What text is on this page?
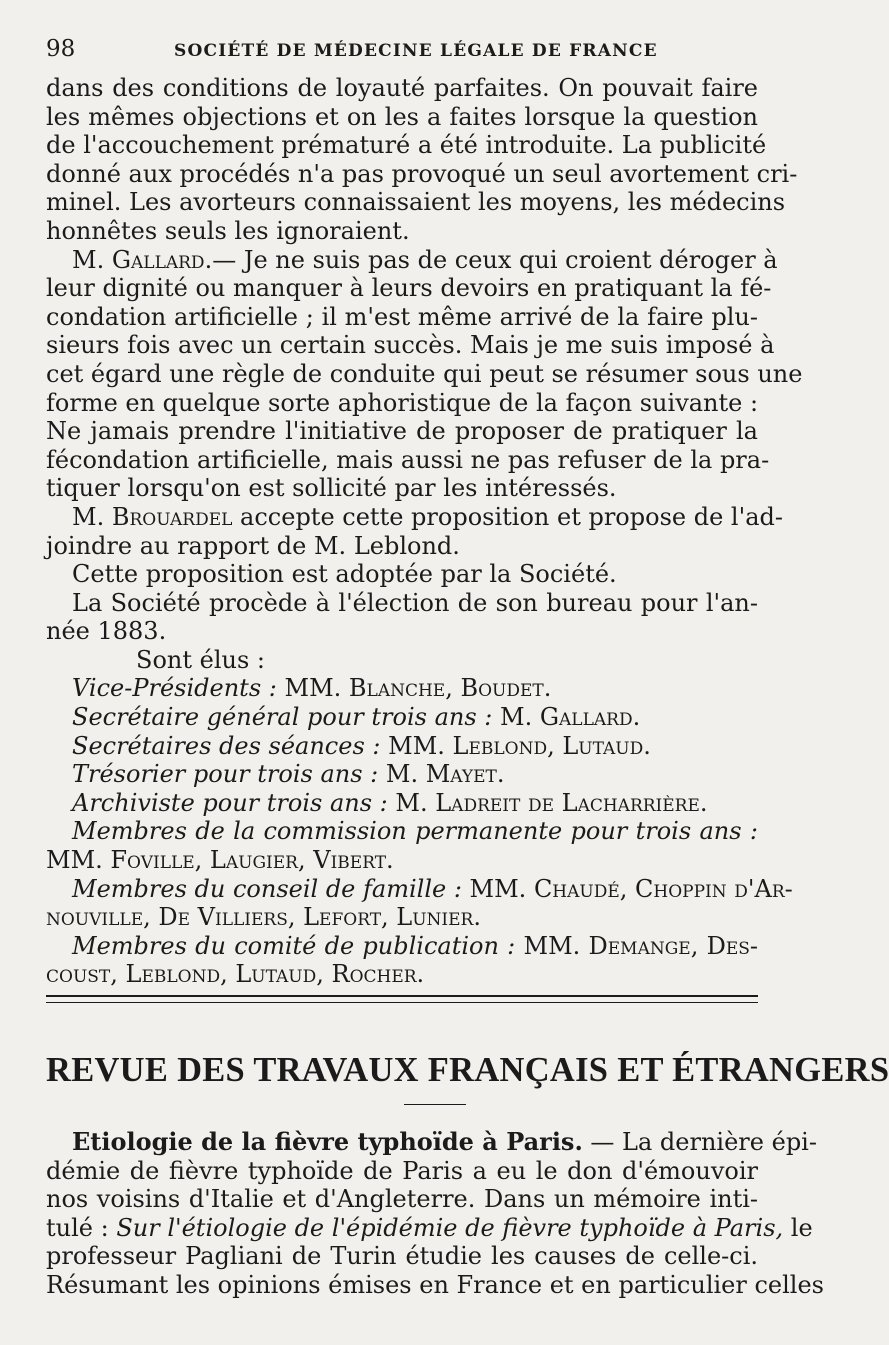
98	SOCIÉTÉ DE MÉDECINE LÉGALE DE FRANCE
dans des conditions de loyauté parfaites. On pouvait faire
les mêmes objections et on les a faites lorsque la question
de l'accouchement prématuré a été introduite. La publicité
donné aux procédés n'a pas provoqué un seul avortement cri-
minel. Les avorteurs connaissaient les moyens, les médecins
honnêtes seuls les ignoraient.
M. Gallard.— Je ne suis pas de ceux qui croient déroger à
leur dignité ou manquer à leurs devoirs en pratiquant la fé-
condation artificielle ; il m'est même arrivé de la faire plu-
sieurs fois avec un certain succès. Mais je me suis imposé à
cet égard une règle de conduite qui peut se résumer sous une
forme en quelque sorte aphoristique de la façon suivante :
Ne jamais prendre l'initiative de proposer de pratiquer la
fécondation artificielle, mais aussi ne pas refuser de la pra-
tiquer lorsqu'on est sollicité par les intéressés.
M. Brouardel accepte cette proposition et propose de l'ad-
joindre au rapport de M. Leblond.
Cette proposition est adoptée par la Société.
La Société procède à l'élection de son bureau pour l'an-
née 1883.
Sont élus :
Vice-Présidents : MM. Blanche, Boudet.
Secrétaire général pour trois ans : M. Gallard.
Secrétaires des séances : MM. Leblond, Lutaud.
Trésorier pour trois ans : M. Mayet.
Archiviste pour trois ans : M. Ladreit de Lacharrière.
Membres de la commission permanente pour trois ans :
MM. Foville, Laugier, Vibert.
Membres du conseil de famille : MM. Chaudé, Choppin d'Ar-
nouville, De Villiers, Lefort, Lunier.
Membres du comité de publication : MM. Demange, Des-
coust, Leblond, Lutaud, Rocher.
REVUE DES TRAVAUX FRANÇAIS ET ÉTRANGERS
Etiologie de la fièvre typhoïde à Paris. — La dernière épi-
démie de fièvre typhoïde de Paris a eu le don d'émouvoir
nos voisins d'Italie et d'Angleterre. Dans un mémoire inti-
tulé : Sur l'étiologie de l'épidémie de fièvre typhoïde à Paris, le
professeur Pagliani de Turin étudie les causes de celle-ci.
Résumant les opinions émises en France et en particulier celles
